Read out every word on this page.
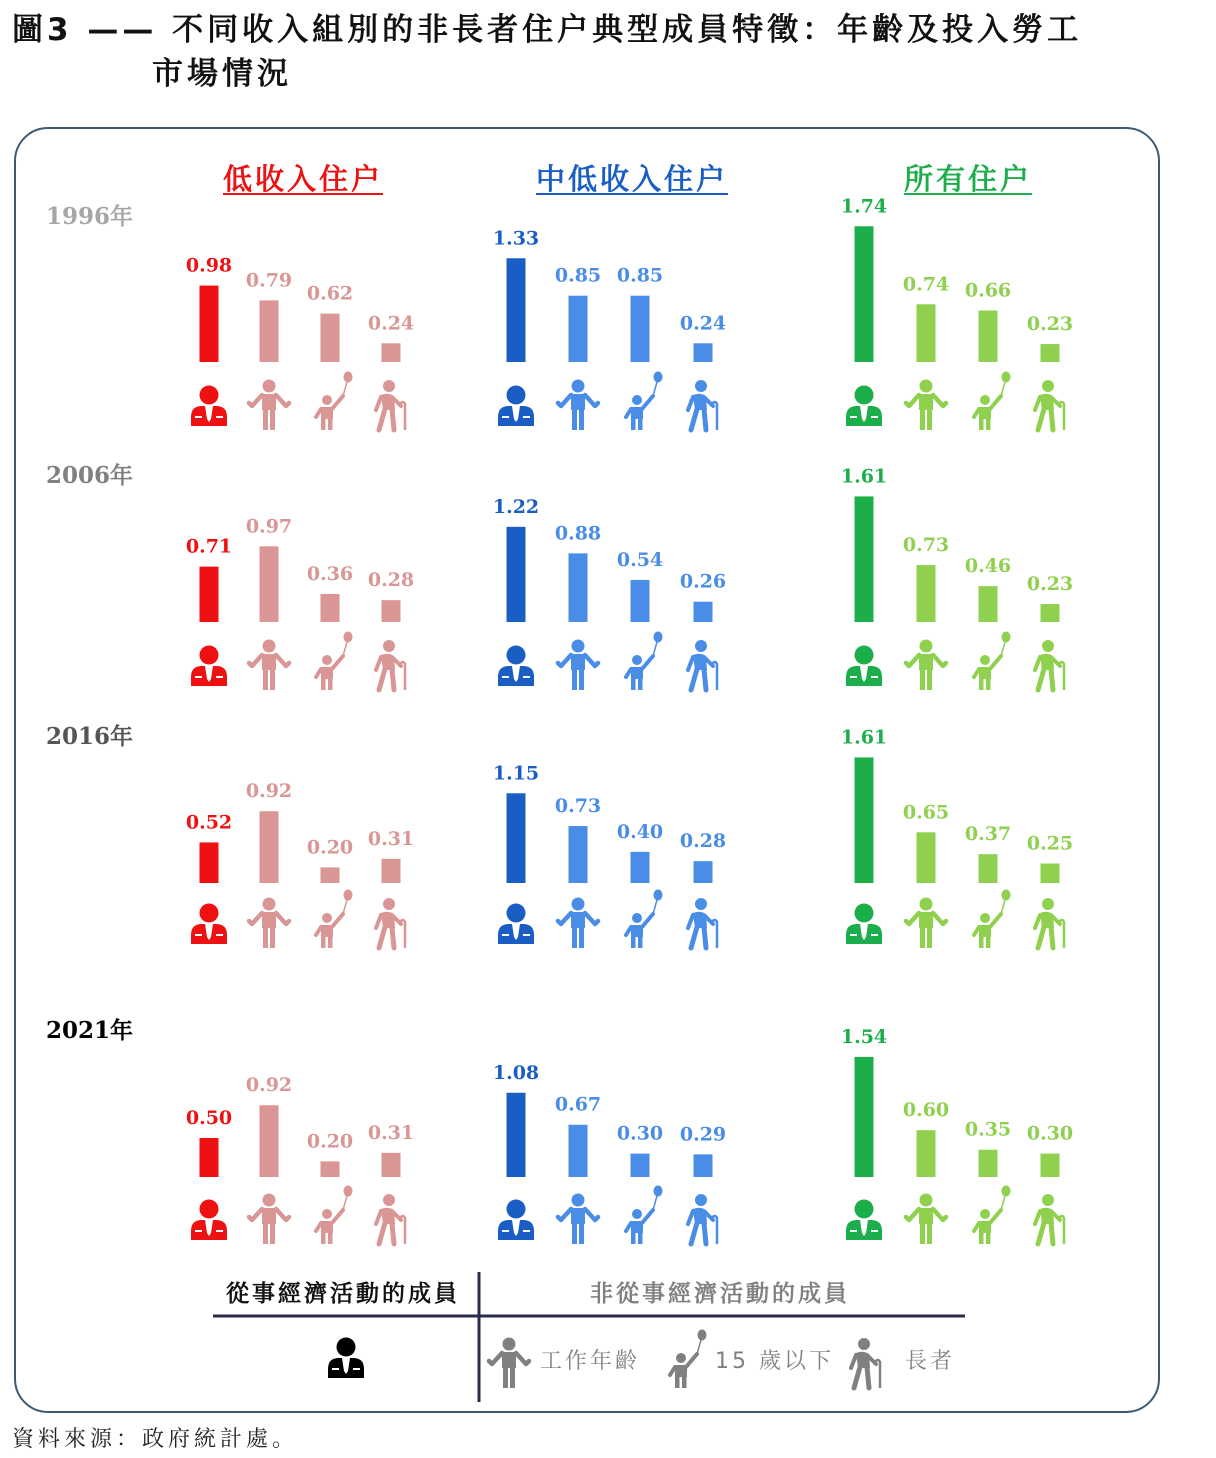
圖3 —— 不同收入組別的非長者住户典型成員特徵：年齡及投入勞工
市場情況
低收入住户	中低收入住户	所有住户
1996年
2006年
2016年
2021年
0.98
0.79
0.62
0.24
1.33
0.85 0.85
0.24
1.74
0.74 0.66
0.23
0.71
0.97
0.36 0.28
1.22
0.88
0.54
0.26
1.61
0.73
0.46
0.23
0.52
0.92
0.20 0.31
1.15
0.73
0.40 0.28
1.61
0.65
0.37 0.25
0.50
0.92
0.20 0.31
1.08
0.67
0.30 0.29
1.54
0.60
0.35 0.30
從事經濟活動的成員	非從事經濟活動的成員
工作年齡	15 歲以下	長者
資料來源：政府統計處。
